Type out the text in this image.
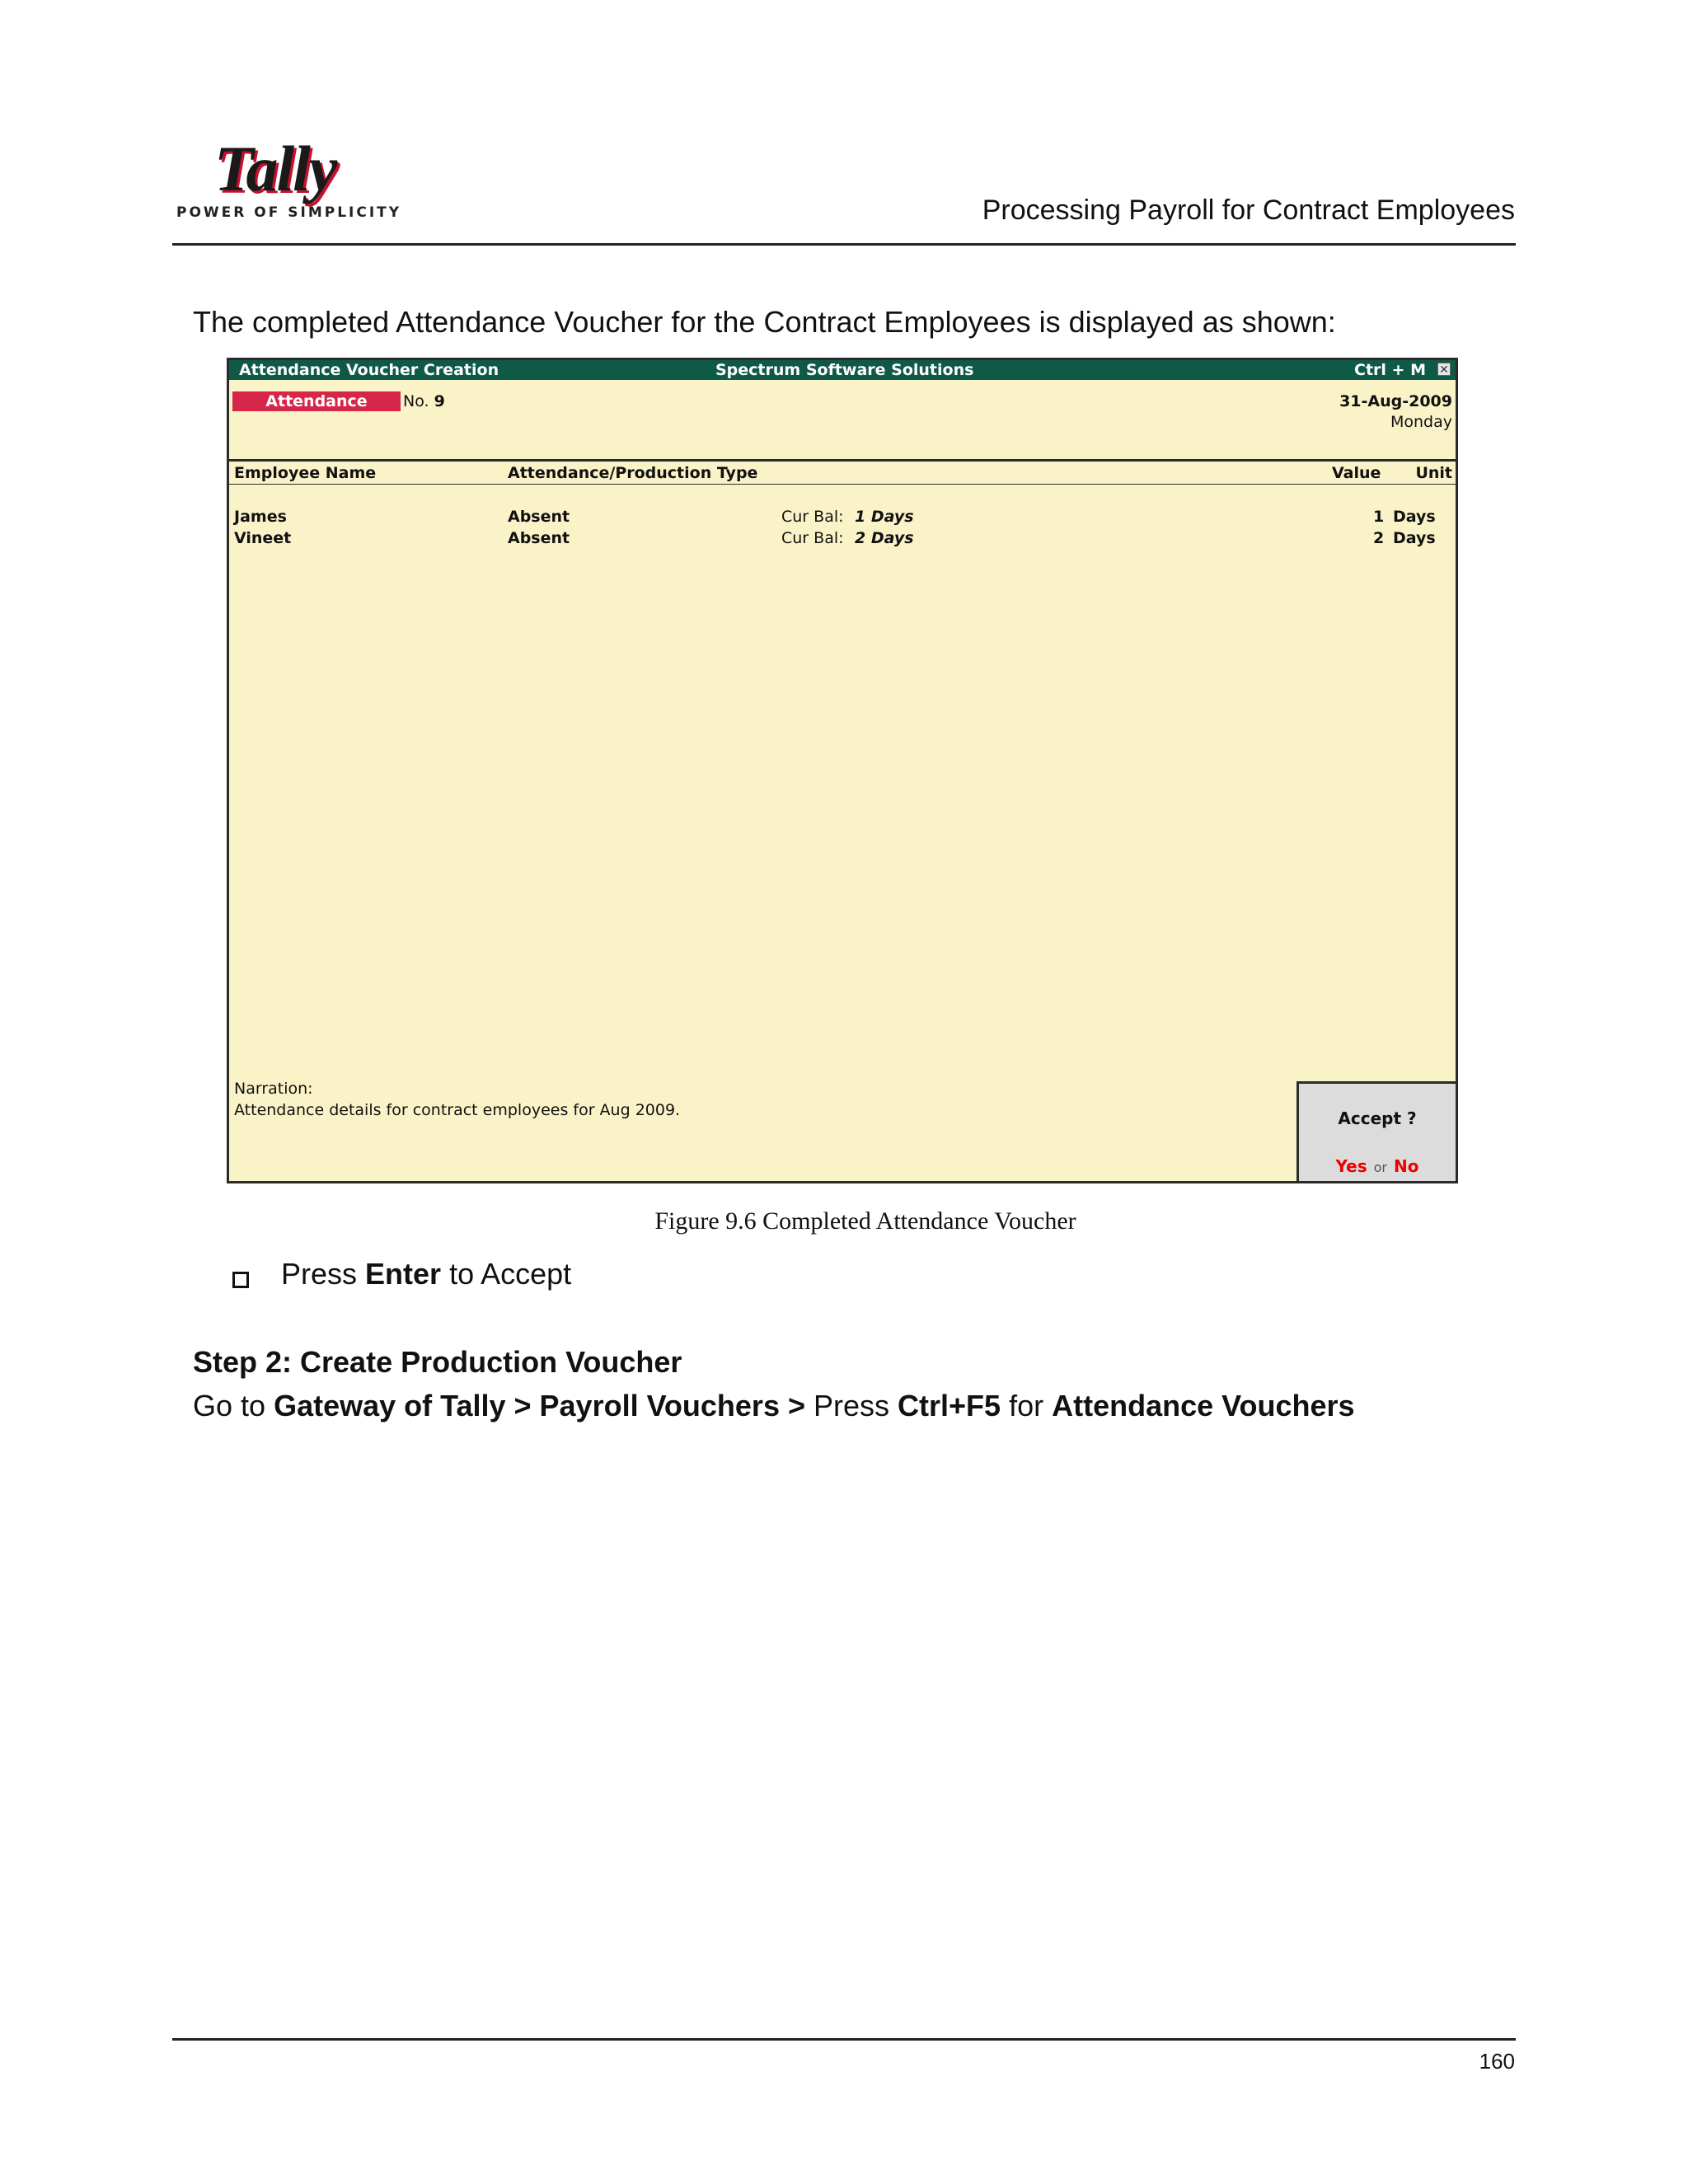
Tally
POWER OF SIMPLICITY	Processing Payroll for Contract Employees
The completed Attendance Voucher for the Contract Employees is displayed as shown:
Attendance Voucher Creation	Spectrum Software Solutions	Ctrl + M ✕
Attendance	No. 9	31-Aug-2009
Monday
Employee Name	Attendance/Production Type	Value Unit
James	Absent	Cur Bal: 1 Days	1 Days
Vineet	Absent	Cur Bal: 2 Days	2 Days
Narration:
Attendance details for contract employees for Aug 2009.	Accept ?
Yes or No
Figure 9.6 Completed Attendance Voucher
Press Enter to Accept
Step 2: Create Production Voucher
Go to Gateway of Tally > Payroll Vouchers > Press Ctrl+F5 for Attendance Vouchers
160
